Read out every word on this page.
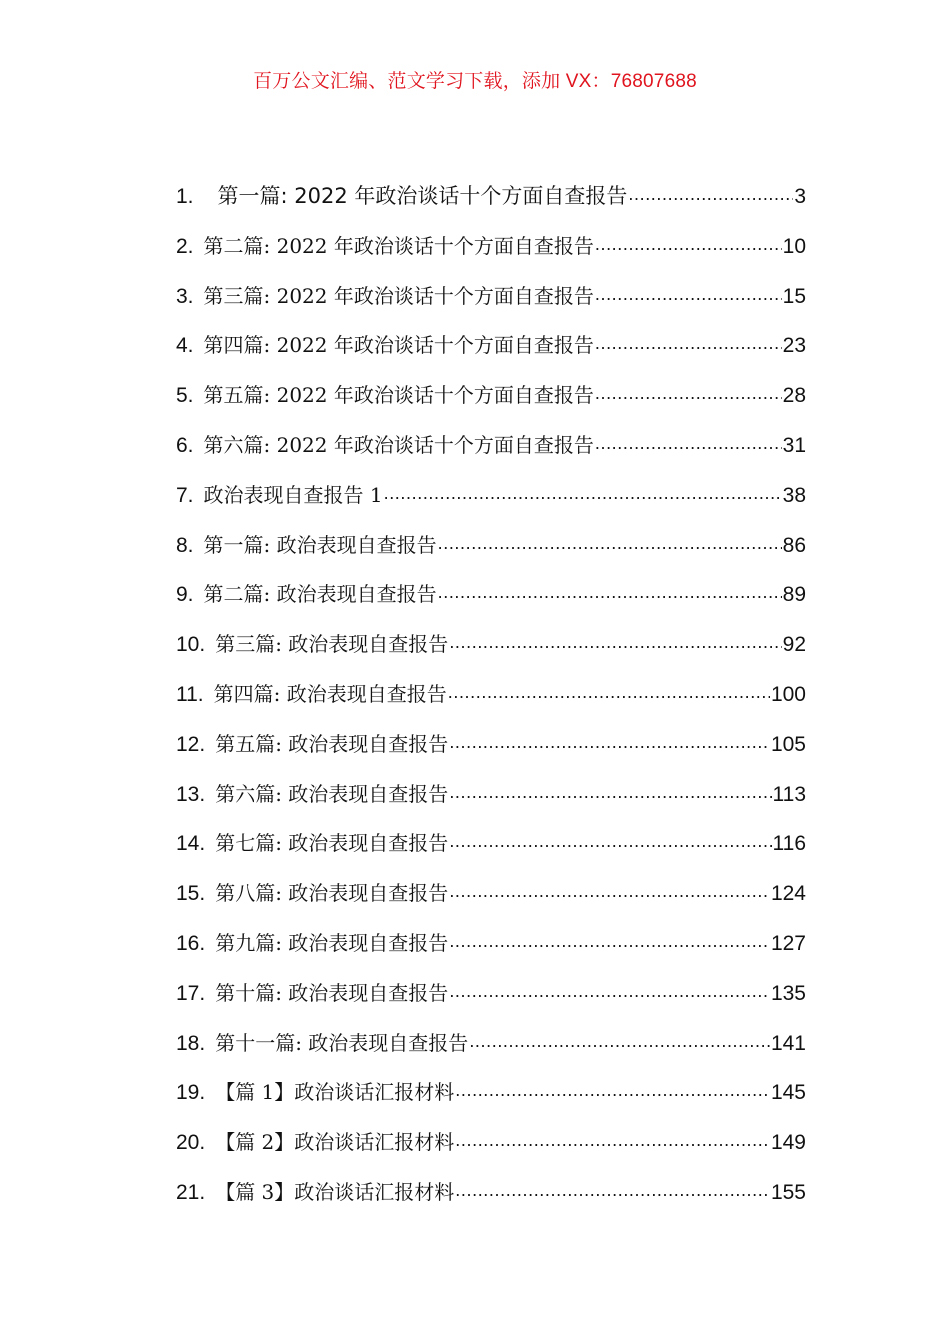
百万公文汇编、范文学习下载，添加 VX：76807688
1.	第一篇: 2022 年政治谈话十个方面自查报告 .....	3
2. 第二篇: 2022 年政治谈话十个方面自查报告 .....	10
3. 第三篇: 2022 年政治谈话十个方面自查报告 .....	15
4. 第四篇: 2022 年政治谈话十个方面自查报告 .....	23
5. 第五篇: 2022 年政治谈话十个方面自查报告 .....	28
6. 第六篇: 2022 年政治谈话十个方面自查报告 .....	31
7. 政治表现自查报告 1 .....	38
8. 第一篇: 政治表现自查报告 .....	86
9. 第二篇: 政治表现自查报告 .....	89
10. 第三篇: 政治表现自查报告 .....	92
11. 第四篇: 政治表现自查报告 .....	100
12. 第五篇: 政治表现自查报告 .....	105
13. 第六篇: 政治表现自查报告 .....	113
14. 第七篇: 政治表现自查报告 .....	116
15. 第八篇: 政治表现自查报告 .....	124
16. 第九篇: 政治表现自查报告 .....	127
17. 第十篇: 政治表现自查报告 .....	135
18. 第十一篇: 政治表现自查报告 .....	141
19. 【篇 1】政治谈话汇报材料 .....	145
20. 【篇 2】政治谈话汇报材料 .....	149
21. 【篇 3】政治谈话汇报材料 .....	155
